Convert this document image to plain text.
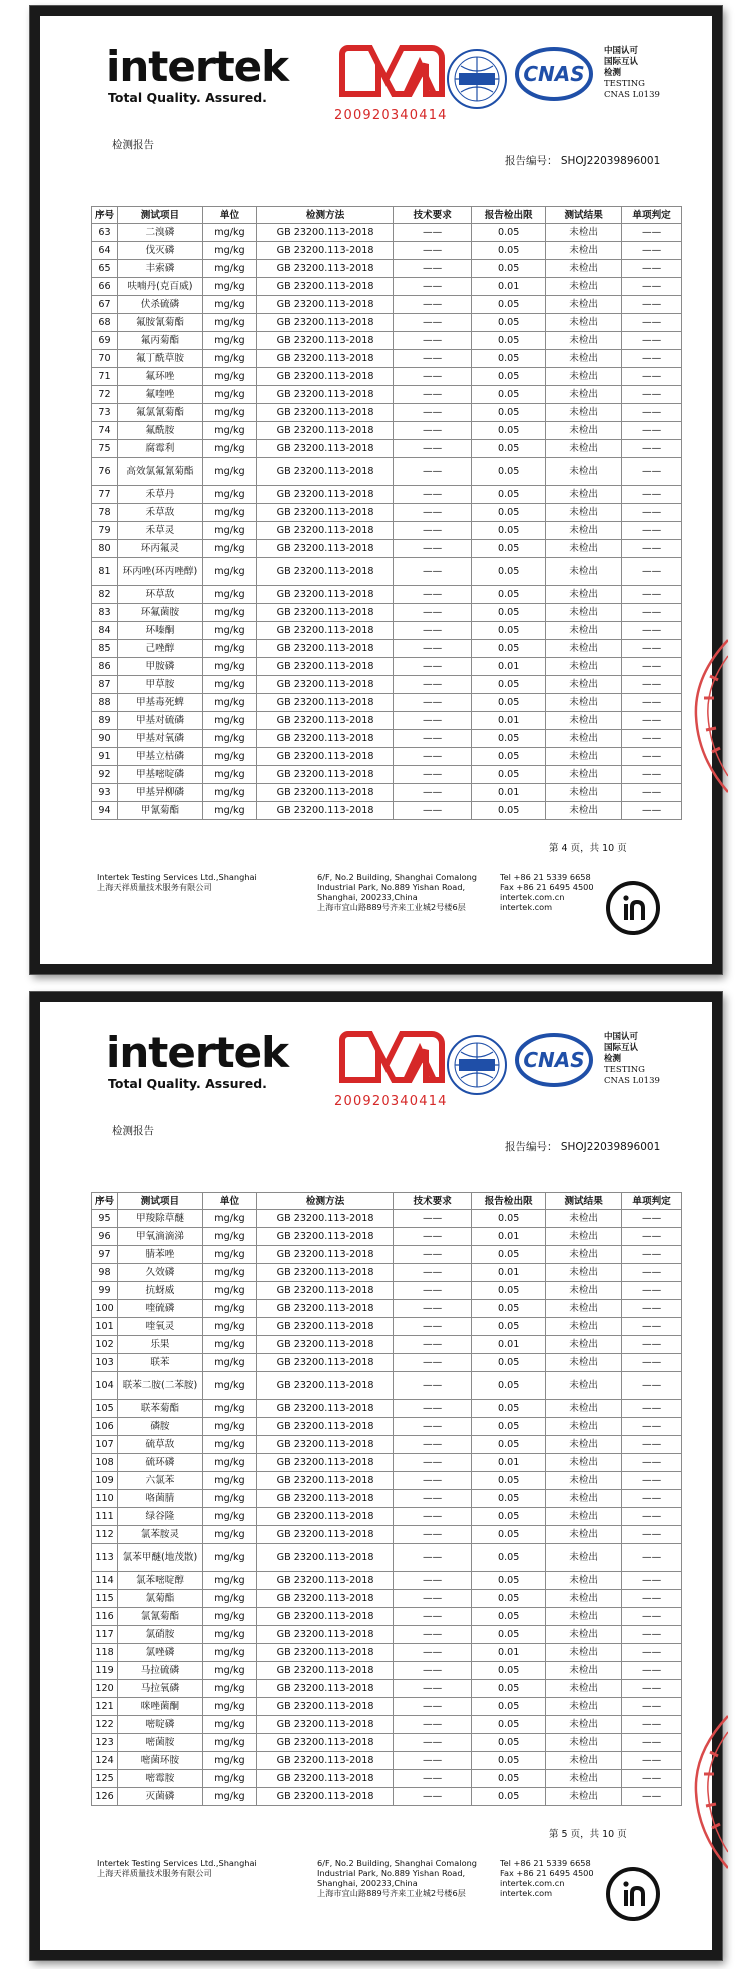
intertek
Total Quality. Assured.
200920340414
CNAS
中国认可
国际互认
检测
TESTING
CNAS L0139
检测报告
报告编号： SHOJ22039896001
序号	测试项目	单位	检测方法	技术要求	报告检出限	测试结果	单项判定
63	二溴磷	mg/kg	GB 23200.113-2018	——	0.05	未检出	——
64	伐灭磷	mg/kg	GB 23200.113-2018	——	0.05	未检出	——
65	丰索磷	mg/kg	GB 23200.113-2018	——	0.05	未检出	——
66	呋喃丹(克百威)	mg/kg	GB 23200.113-2018	——	0.01	未检出	——
67	伏杀硫磷	mg/kg	GB 23200.113-2018	——	0.05	未检出	——
68	氟胺氰菊酯	mg/kg	GB 23200.113-2018	——	0.05	未检出	——
69	氟丙菊酯	mg/kg	GB 23200.113-2018	——	0.05	未检出	——
70	氟丁酰草胺	mg/kg	GB 23200.113-2018	——	0.05	未检出	——
71	氟环唑	mg/kg	GB 23200.113-2018	——	0.05	未检出	——
72	氟喹唑	mg/kg	GB 23200.113-2018	——	0.05	未检出	——
73	氟氯氰菊酯	mg/kg	GB 23200.113-2018	——	0.05	未检出	——
74	氟酰胺	mg/kg	GB 23200.113-2018	——	0.05	未检出	——
75	腐霉利	mg/kg	GB 23200.113-2018	——	0.05	未检出	——
76	高效氯氟氰菊酯	mg/kg	GB 23200.113-2018	——	0.05	未检出	——
77	禾草丹	mg/kg	GB 23200.113-2018	——	0.05	未检出	——
78	禾草敌	mg/kg	GB 23200.113-2018	——	0.05	未检出	——
79	禾草灵	mg/kg	GB 23200.113-2018	——	0.05	未检出	——
80	环丙氟灵	mg/kg	GB 23200.113-2018	——	0.05	未检出	——
81	环丙唑(环丙唑醇)	mg/kg	GB 23200.113-2018	——	0.05	未检出	——
82	环草敌	mg/kg	GB 23200.113-2018	——	0.05	未检出	——
83	环氟菌胺	mg/kg	GB 23200.113-2018	——	0.05	未检出	——
84	环嗪酮	mg/kg	GB 23200.113-2018	——	0.05	未检出	——
85	己唑醇	mg/kg	GB 23200.113-2018	——	0.05	未检出	——
86	甲胺磷	mg/kg	GB 23200.113-2018	——	0.01	未检出	——
87	甲草胺	mg/kg	GB 23200.113-2018	——	0.05	未检出	——
88	甲基毒死蜱	mg/kg	GB 23200.113-2018	——	0.05	未检出	——
89	甲基对硫磷	mg/kg	GB 23200.113-2018	——	0.01	未检出	——
90	甲基对氧磷	mg/kg	GB 23200.113-2018	——	0.05	未检出	——
91	甲基立枯磷	mg/kg	GB 23200.113-2018	——	0.05	未检出	——
92	甲基嘧啶磷	mg/kg	GB 23200.113-2018	——	0.05	未检出	——
93	甲基异柳磷	mg/kg	GB 23200.113-2018	——	0.01	未检出	——
94	甲氰菊酯	mg/kg	GB 23200.113-2018	——	0.05	未检出	——
第 4 页，共 10 页
Intertek Testing Services Ltd.,Shanghai
上海天祥质量技术服务有限公司
6/F, No.2 Building, Shanghai Comalong
Industrial Park, No.889 Yishan Road,
Shanghai, 200233,China
上海市宜山路889号齐来工业城2号楼6层
Tel +86 21 5339 6658
Fax +86 21 6495 4500
intertek.com.cn
intertek.com
intertek
Total Quality. Assured.
200920340414
CNAS
中国认可
国际互认
检测
TESTING
CNAS L0139
检测报告
报告编号： SHOJ22039896001
序号	测试项目	单位	检测方法	技术要求	报告检出限	测试结果	单项判定
95	甲羧除草醚	mg/kg	GB 23200.113-2018	——	0.05	未检出	——
96	甲氧滴滴涕	mg/kg	GB 23200.113-2018	——	0.01	未检出	——
97	腈苯唑	mg/kg	GB 23200.113-2018	——	0.05	未检出	——
98	久效磷	mg/kg	GB 23200.113-2018	——	0.01	未检出	——
99	抗蚜威	mg/kg	GB 23200.113-2018	——	0.05	未检出	——
100	喹硫磷	mg/kg	GB 23200.113-2018	——	0.05	未检出	——
101	喹氧灵	mg/kg	GB 23200.113-2018	——	0.05	未检出	——
102	乐果	mg/kg	GB 23200.113-2018	——	0.01	未检出	——
103	联苯	mg/kg	GB 23200.113-2018	——	0.05	未检出	——
104	联苯二胺(二苯胺)	mg/kg	GB 23200.113-2018	——	0.05	未检出	——
105	联苯菊酯	mg/kg	GB 23200.113-2018	——	0.05	未检出	——
106	磷胺	mg/kg	GB 23200.113-2018	——	0.05	未检出	——
107	硫草敌	mg/kg	GB 23200.113-2018	——	0.05	未检出	——
108	硫环磷	mg/kg	GB 23200.113-2018	——	0.01	未检出	——
109	六氯苯	mg/kg	GB 23200.113-2018	——	0.05	未检出	——
110	咯菌腈	mg/kg	GB 23200.113-2018	——	0.05	未检出	——
111	绿谷隆	mg/kg	GB 23200.113-2018	——	0.05	未检出	——
112	氯苯胺灵	mg/kg	GB 23200.113-2018	——	0.05	未检出	——
113	氯苯甲醚(地茂散)	mg/kg	GB 23200.113-2018	——	0.05	未检出	——
114	氯苯嘧啶醇	mg/kg	GB 23200.113-2018	——	0.05	未检出	——
115	氯菊酯	mg/kg	GB 23200.113-2018	——	0.05	未检出	——
116	氯氰菊酯	mg/kg	GB 23200.113-2018	——	0.05	未检出	——
117	氯硝胺	mg/kg	GB 23200.113-2018	——	0.05	未检出	——
118	氯唑磷	mg/kg	GB 23200.113-2018	——	0.01	未检出	——
119	马拉硫磷	mg/kg	GB 23200.113-2018	——	0.05	未检出	——
120	马拉氧磷	mg/kg	GB 23200.113-2018	——	0.05	未检出	——
121	咪唑菌酮	mg/kg	GB 23200.113-2018	——	0.05	未检出	——
122	嘧啶磷	mg/kg	GB 23200.113-2018	——	0.05	未检出	——
123	嘧菌胺	mg/kg	GB 23200.113-2018	——	0.05	未检出	——
124	嘧菌环胺	mg/kg	GB 23200.113-2018	——	0.05	未检出	——
125	嘧霉胺	mg/kg	GB 23200.113-2018	——	0.05	未检出	——
126	灭菌磷	mg/kg	GB 23200.113-2018	——	0.05	未检出	——
第 5 页，共 10 页
Intertek Testing Services Ltd.,Shanghai
上海天祥质量技术服务有限公司
6/F, No.2 Building, Shanghai Comalong
Industrial Park, No.889 Yishan Road,
Shanghai, 200233,China
上海市宜山路889号齐来工业城2号楼6层
Tel +86 21 5339 6658
Fax +86 21 6495 4500
intertek.com.cn
intertek.com
